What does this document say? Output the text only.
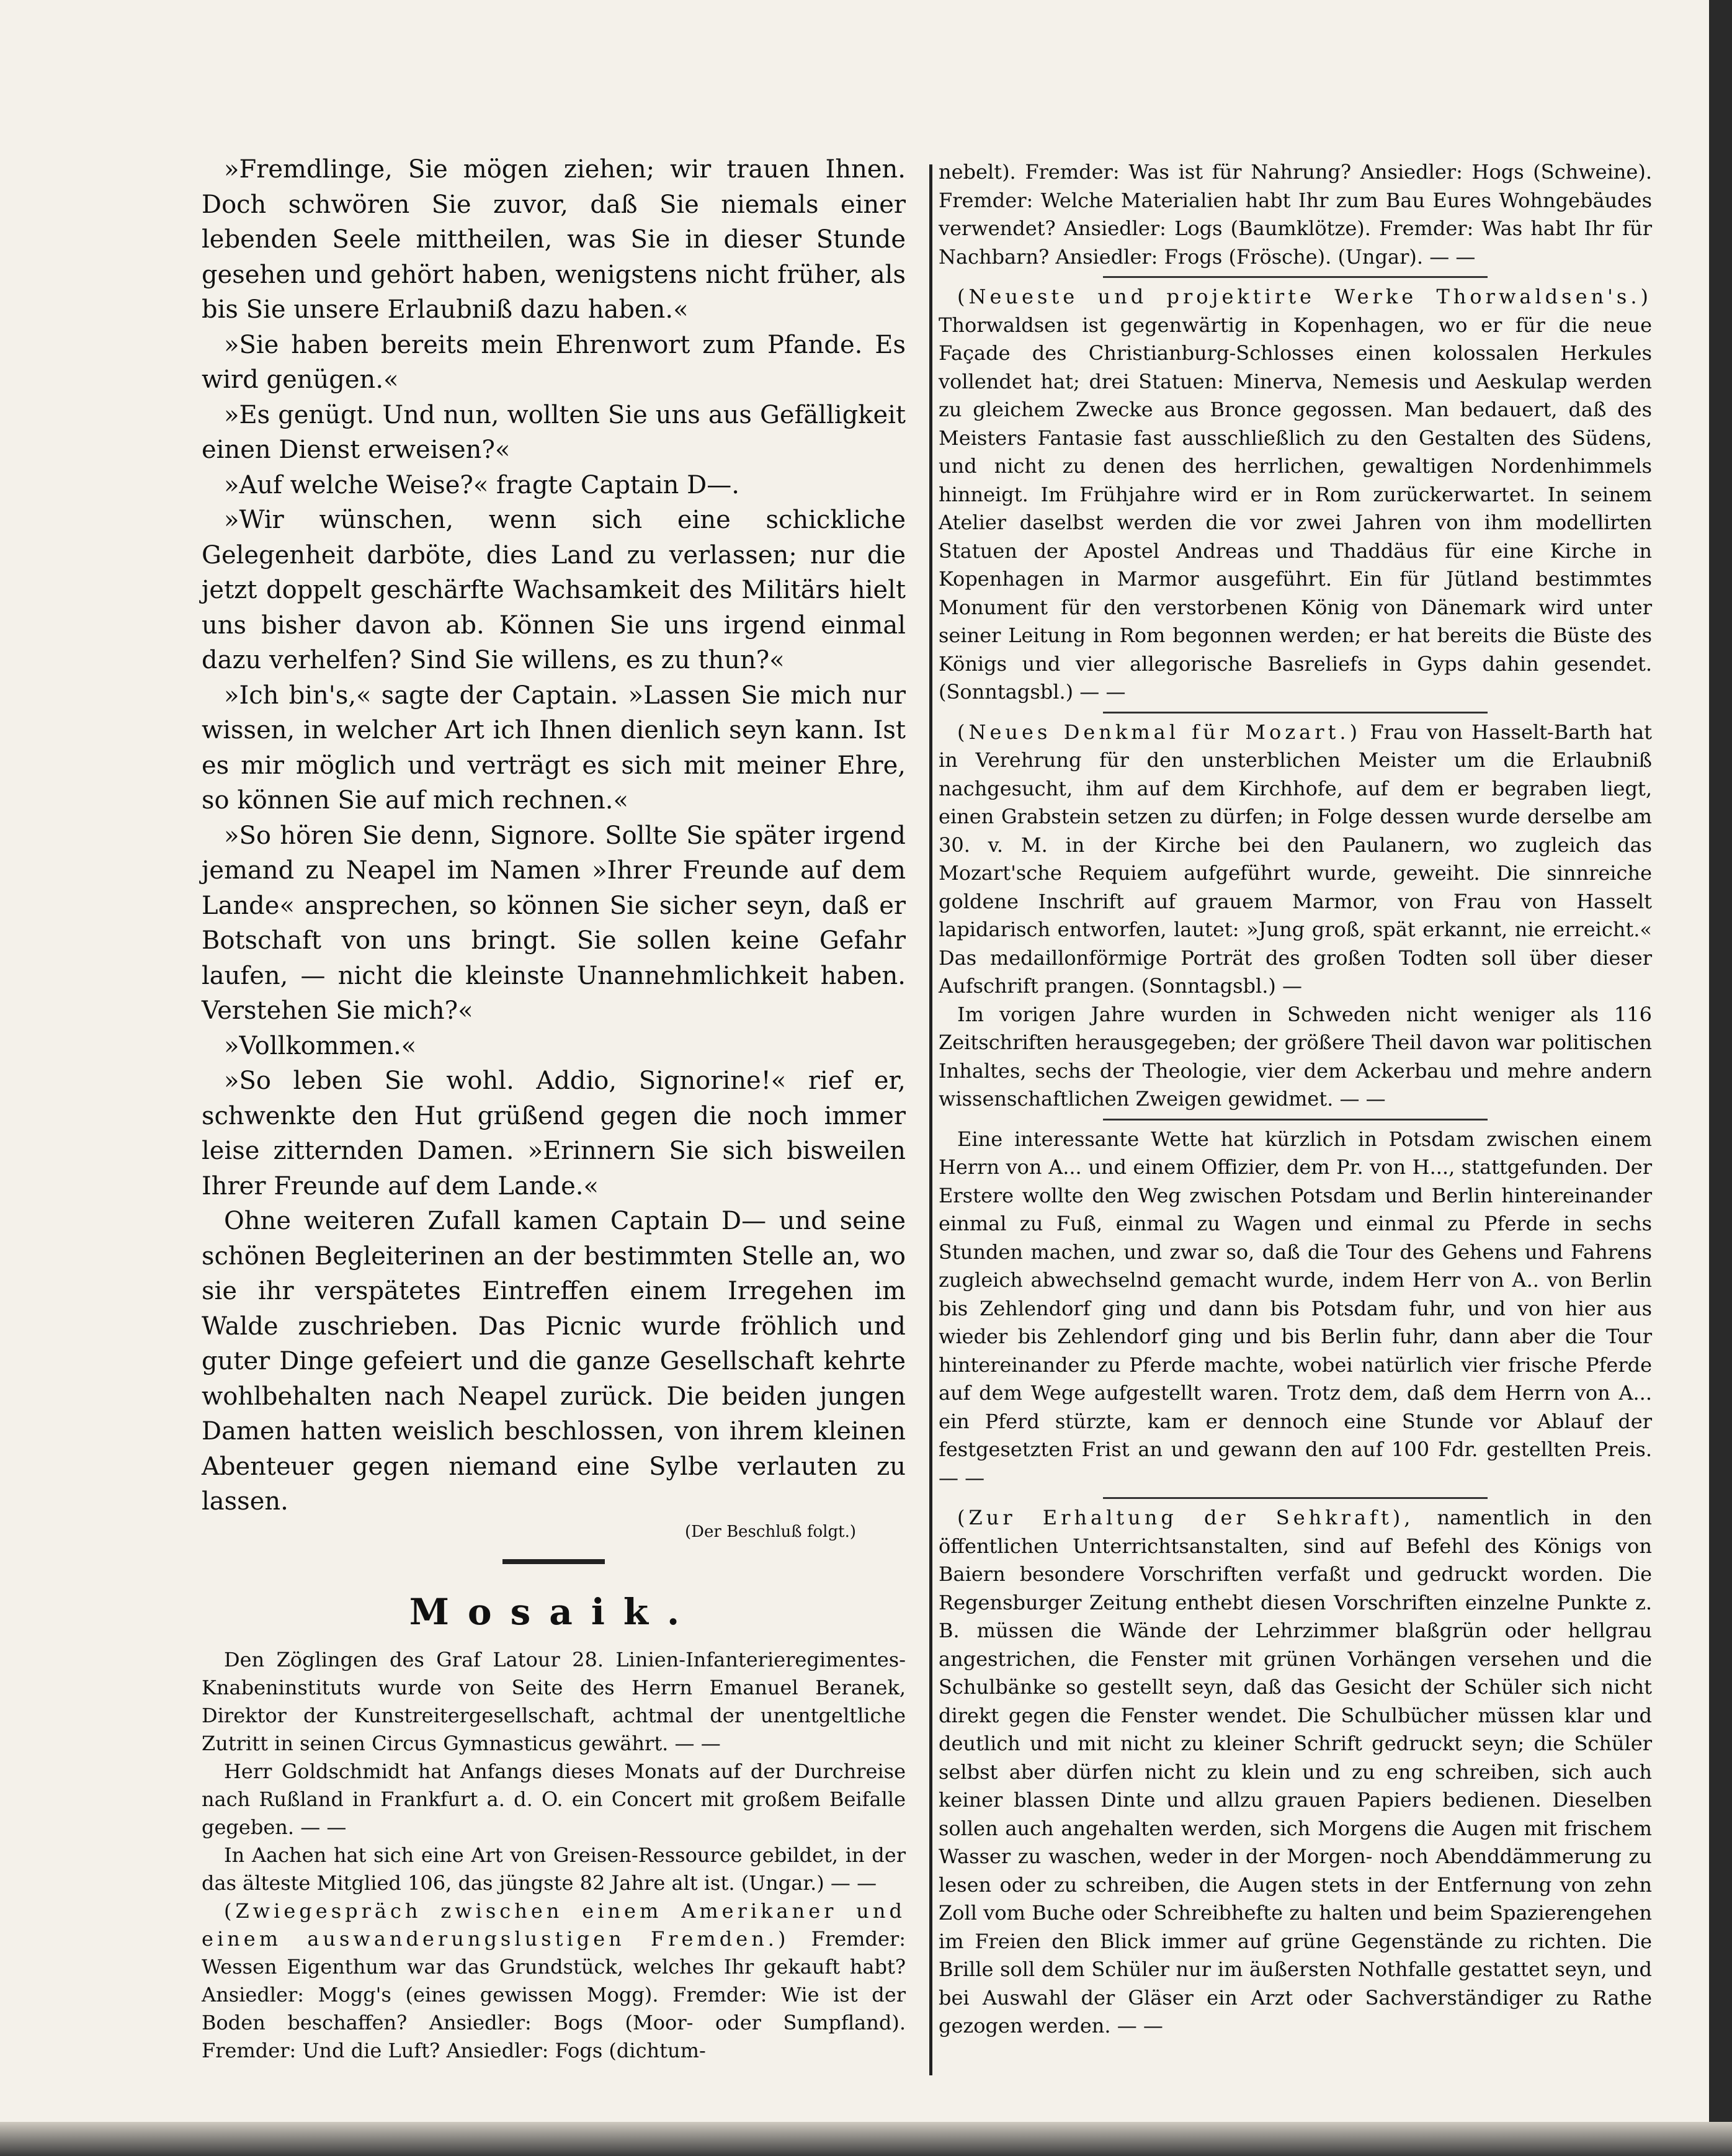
»Fremdlinge, Sie mögen ziehen; wir trauen Ihnen. Doch schwören Sie zuvor, daß Sie niemals einer lebenden Seele mittheilen, was Sie in dieser Stunde gesehen und gehört haben, wenigstens nicht früher, als bis Sie unsere Erlaubniß dazu haben.«

»Sie haben bereits mein Ehrenwort zum Pfande. Es wird genügen.«

»Es genügt. Und nun, wollten Sie uns aus Gefälligkeit einen Dienst erweisen?«

»Auf welche Weise?« fragte Captain D—.

»Wir wünschen, wenn sich eine schickliche Gelegenheit darböte, dies Land zu verlassen; nur die jetzt doppelt geschärfte Wachsamkeit des Militärs hielt uns bisher davon ab. Können Sie uns irgend einmal dazu verhelfen? Sind Sie willens, es zu thun?«

»Ich bin's,« sagte der Captain. »Lassen Sie mich nur wissen, in welcher Art ich Ihnen dienlich seyn kann. Ist es mir möglich und verträgt es sich mit meiner Ehre, so können Sie auf mich rechnen.«

»So hören Sie denn, Signore. Sollte Sie später irgend jemand zu Neapel im Namen »Ihrer Freunde auf dem Lande« ansprechen, so können Sie sicher seyn, daß er Botschaft von uns bringt. Sie sollen keine Gefahr laufen, — nicht die kleinste Unannehmlichkeit haben. Verstehen Sie mich?«

»Vollkommen.«

»So leben Sie wohl. Addio, Signorine!« rief er, schwenkte den Hut grüßend gegen die noch immer leise zitternden Damen. »Erinnern Sie sich bisweilen Ihrer Freunde auf dem Lande.«

Ohne weiteren Zufall kamen Captain D— und seine schönen Begleiterinen an der bestimmten Stelle an, wo sie ihr verspätetes Eintreffen einem Irregehen im Walde zuschrieben. Das Picnic wurde fröhlich und guter Dinge gefeiert und die ganze Gesellschaft kehrte wohlbehalten nach Neapel zurück. Die beiden jungen Damen hatten weislich beschlossen, von ihrem kleinen Abenteuer gegen niemand eine Sylbe verlauten zu lassen.

(Der Beschluß folgt.)
Mosaik.

Den Zöglingen des Graf Latour 28. Linien-Infanterieregimentes-Knabeninstituts wurde von Seite des Herrn Emanuel Beranek, Direktor der Kunstreitergesellschaft, achtmal der unentgeltliche Zutritt in seinen Circus Gymnasticus gewährt. — —

Herr Goldschmidt hat Anfangs dieses Monats auf der Durchreise nach Rußland in Frankfurt a. d. O. ein Concert mit großem Beifalle gegeben. — —

In Aachen hat sich eine Art von Greisen-Ressource gebildet, in der das älteste Mitglied 106, das jüngste 82 Jahre alt ist. (Ungar.) — —

(Zwiegespräch zwischen einem Amerikaner und einem auswanderungslustigen Fremden.) Fremder: Wessen Eigenthum war das Grundstück, welches Ihr gekauft habt? Ansiedler: Mogg's (eines gewissen Mogg). Fremder: Wie ist der Boden beschaffen? Ansiedler: Bogs (Moor- oder Sumpfland). Fremder: Und die Luft? Ansiedler: Fogs (dichtum-

nebelt). Fremder: Was ist für Nahrung? Ansiedler: Hogs (Schweine). Fremder: Welche Materialien habt Ihr zum Bau Eures Wohngebäudes verwendet? Ansiedler: Logs (Baumklötze). Fremder: Was habt Ihr für Nachbarn? Ansiedler: Frogs (Frösche). (Ungar). — —

(Neueste und projektirte Werke Thorwaldsen's.) Thorwaldsen ist gegenwärtig in Kopenhagen, wo er für die neue Façade des Christianburg-Schlosses einen kolossalen Herkules vollendet hat; drei Statuen: Minerva, Nemesis und Aeskulap werden zu gleichem Zwecke aus Bronce gegossen. Man bedauert, daß des Meisters Fantasie fast ausschließlich zu den Gestalten des Südens, und nicht zu denen des herrlichen, gewaltigen Nordenhimmels hinneigt. Im Frühjahre wird er in Rom zurückerwartet. In seinem Atelier daselbst werden die vor zwei Jahren von ihm modellirten Statuen der Apostel Andreas und Thaddäus für eine Kirche in Kopenhagen in Marmor ausgeführt. Ein für Jütland bestimmtes Monument für den verstorbenen König von Dänemark wird unter seiner Leitung in Rom begonnen werden; er hat bereits die Büste des Königs und vier allegorische Basreliefs in Gyps dahin gesendet. (Sonntagsbl.) — —

(Neues Denkmal für Mozart.) Frau von Hasselt-Barth hat in Verehrung für den unsterblichen Meister um die Erlaubniß nachgesucht, ihm auf dem Kirchhofe, auf dem er begraben liegt, einen Grabstein setzen zu dürfen; in Folge dessen wurde derselbe am 30. v. M. in der Kirche bei den Paulanern, wo zugleich das Mozart'sche Requiem aufgeführt wurde, geweiht. Die sinnreiche goldene Inschrift auf grauem Marmor, von Frau von Hasselt lapidarisch entworfen, lautet: »Jung groß, spät erkannt, nie erreicht.« Das medaillonförmige Porträt des großen Todten soll über dieser Aufschrift prangen. (Sonntagsbl.) —

Im vorigen Jahre wurden in Schweden nicht weniger als 116 Zeitschriften herausgegeben; der größere Theil davon war politischen Inhaltes, sechs der Theologie, vier dem Ackerbau und mehre andern wissenschaftlichen Zweigen gewidmet. — —

Eine interessante Wette hat kürzlich in Potsdam zwischen einem Herrn von A... und einem Offizier, dem Pr. von H..., stattgefunden. Der Erstere wollte den Weg zwischen Potsdam und Berlin hintereinander einmal zu Fuß, einmal zu Wagen und einmal zu Pferde in sechs Stunden machen, und zwar so, daß die Tour des Gehens und Fahrens zugleich abwechselnd gemacht wurde, indem Herr von A.. von Berlin bis Zehlendorf ging und dann bis Potsdam fuhr, und von hier aus wieder bis Zehlendorf ging und bis Berlin fuhr, dann aber die Tour hintereinander zu Pferde machte, wobei natürlich vier frische Pferde auf dem Wege aufgestellt waren. Trotz dem, daß dem Herrn von A... ein Pferd stürzte, kam er dennoch eine Stunde vor Ablauf der festgesetzten Frist an und gewann den auf 100 Fdr. gestellten Preis. — —

(Zur Erhaltung der Sehkraft), namentlich in den öffentlichen Unterrichtsanstalten, sind auf Befehl des Königs von Baiern besondere Vorschriften verfaßt und gedruckt worden. Die Regensburger Zeitung enthebt diesen Vorschriften einzelne Punkte z. B. müssen die Wände der Lehrzimmer blaßgrün oder hellgrau angestrichen, die Fenster mit grünen Vorhängen versehen und die Schulbänke so gestellt seyn, daß das Gesicht der Schüler sich nicht direkt gegen die Fenster wendet. Die Schulbücher müssen klar und deutlich und mit nicht zu kleiner Schrift gedruckt seyn; die Schüler selbst aber dürfen nicht zu klein und zu eng schreiben, sich auch keiner blassen Dinte und allzu grauen Papiers bedienen. Dieselben sollen auch angehalten werden, sich Morgens die Augen mit frischem Wasser zu waschen, weder in der Morgen- noch Abenddämmerung zu lesen oder zu schreiben, die Augen stets in der Entfernung von zehn Zoll vom Buche oder Schreibhefte zu halten und beim Spazierengehen im Freien den Blick immer auf grüne Gegenstände zu richten. Die Brille soll dem Schüler nur im äußersten Nothfalle gestattet seyn, und bei Auswahl der Gläser ein Arzt oder Sachverständiger zu Rathe gezogen werden. — —
